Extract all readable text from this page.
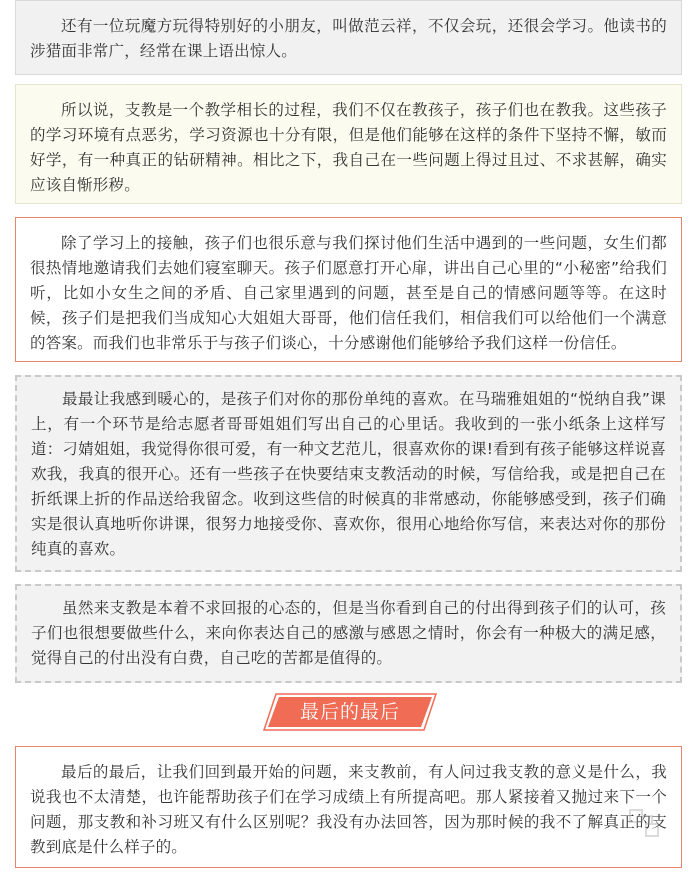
还有一位玩魔方玩得特别好的小朋友，叫做范云祥，不仅会玩，还很会学习。他读书的涉猎面非常广，经常在课上语出惊人。

所以说，支教是一个教学相长的过程，我们不仅在教孩子，孩子们也在教我。这些孩子的学习环境有点恶劣，学习资源也十分有限，但是他们能够在这样的条件下坚持不懈，敏而好学，有一种真正的钻研精神。相比之下，我自己在一些问题上得过且过、不求甚解，确实应该自惭形秽。

除了学习上的接触，孩子们也很乐意与我们探讨他们生活中遇到的一些问题，女生们都很热情地邀请我们去她们寝室聊天。孩子们愿意打开心扉，讲出自己心里的“小秘密”给我们听，比如小女生之间的矛盾、自己家里遇到的问题，甚至是自己的情感问题等等。在这时候，孩子们是把我们当成知心大姐姐大哥哥，他们信任我们，相信我们可以给他们一个满意的答案。而我们也非常乐于与孩子们谈心，十分感谢他们能够给予我们这样一份信任。

最最让我感到暖心的，是孩子们对你的那份单纯的喜欢。在马瑞雅姐姐的“悦纳自我”课上，有一个环节是给志愿者哥哥姐姐们写出自己的心里话。我收到的一张小纸条上这样写道：刁婧姐姐，我觉得你很可爱，有一种文艺范儿，很喜欢你的课!看到有孩子能够这样说喜欢我，我真的很开心。还有一些孩子在快要结束支教活动的时候，写信给我，或是把自己在折纸课上折的作品送给我留念。收到这些信的时候真的非常感动，你能够感受到，孩子们确实是很认真地听你讲课，很努力地接受你、喜欢你，很用心地给你写信，来表达对你的那份纯真的喜欢。

虽然来支教是本着不求回报的心态的，但是当你看到自己的付出得到孩子们的认可，孩子们也很想要做些什么，来向你表达自己的感激与感恩之情时，你会有一种极大的满足感，觉得自己的付出没有白费，自己吃的苦都是值得的。

最后的最后

最后的最后，让我们回到最开始的问题，来支教前，有人问过我支教的意义是什么，我说我也不太清楚，也许能帮助孩子们在学习成绩上有所提高吧。那人紧接着又抛过来下一个问题，那支教和补习班又有什么区别呢？我没有办法回答，因为那时候的我不了解真正的支教到底是什么样子的。
